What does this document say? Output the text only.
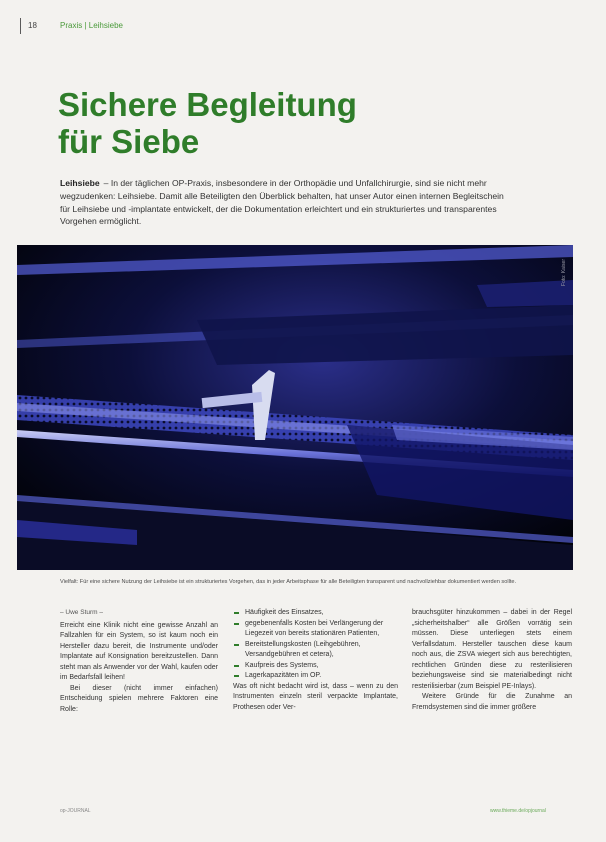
18	Praxis | Leihsiebe
Sichere Begleitung
für Siebe
Leihsiebe – In der täglichen OP-Praxis, insbesondere in der Orthopädie und Unfallchirurgie, sind sie nicht mehr wegzudenken: Leihsiebe. Damit alle Beteiligten den Überblick behalten, hat unser Autor einen internen Begleitschein für Leihsiebe und -implantate entwickelt, der die Dokumentation erleichtert und ein strukturiertes und transparentes Vorgehen ermöglicht.
Foto: Kaiser
Vielfalt: Für eine sichere Nutzung der Leihsiebe ist ein strukturiertes Vorgehen, das in jeder Arbeitsphase für alle Beteiligten transparent und nachvollziehbar dokumentiert werden sollte.

– Uwe Sturm –

Erreicht eine Klinik nicht eine gewisse Anzahl an Fallzahlen für ein System, so ist kaum noch ein Hersteller dazu bereit, die Instrumente und/oder Implantate auf Konsignation bereitzustellen. Dann steht man als Anwender vor der Wahl, kaufen oder im Bedarfsfall leihen!

Bei dieser (nicht immer einfachen) Entscheidung spielen mehrere Faktoren eine Rolle:

Häufigkeit des Einsatzes,
gegebenenfalls Kosten bei Verlängerung der Liegezeit von bereits stationären Patienten,
Bereitstellungskosten (Leihgebühren, Versandgebühren et cetera),
Kaufpreis des Systems,
Lagerkapazitäten im OP.

Was oft nicht bedacht wird ist, dass – wenn zu den Instrumenten einzeln steril verpackte Implantate, Prothesen oder Ver-

brauchsgüter hinzukommen – dabei in der Regel „sicherheitshalber“ alle Größen vorrätig sein müssen. Diese unterliegen stets einem Verfallsdatum. Hersteller tauschen diese kaum noch aus, die ZSVA wiegert sich aus berechtigten, rechtlichen Gründen diese zu resterilisieren beziehungsweise sind sie materialbedingt nicht resterilisierbar (zum Beispiel PE-Inlays).

Weitere Gründe für die Zunahme an Fremdsystemen sind die immer größere

op-JOURNAL	www.thieme.de/opjournal
